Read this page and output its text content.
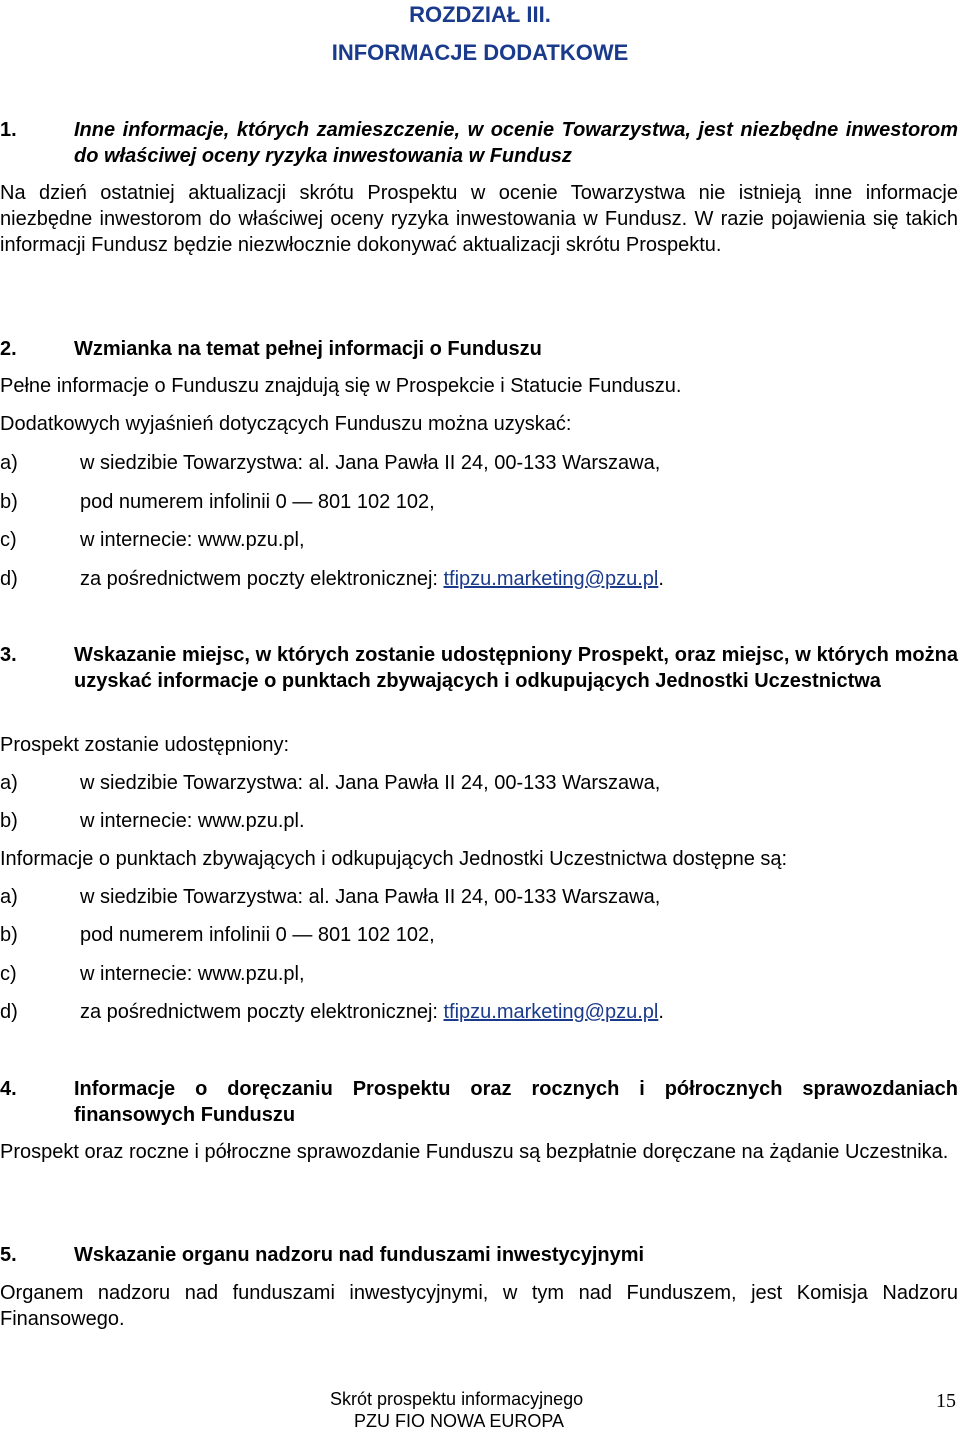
ROZDZIAŁ III.
INFORMACJE DODATKOWE
1.	Inne informacje, których zamieszczenie, w ocenie Towarzystwa, jest niezbędne inwestorom do właściwej oceny ryzyka inwestowania w Fundusz
Na dzień ostatniej aktualizacji skrótu Prospektu w ocenie Towarzystwa nie istnieją inne informacje niezbędne inwestorom do właściwej oceny ryzyka inwestowania w Fundusz. W razie pojawienia się takich informacji Fundusz będzie niezwłocznie dokonywać aktualizacji skrótu Prospektu.
2.	Wzmianka na temat pełnej informacji o Funduszu
Pełne informacje o Funduszu znajdują się w Prospekcie i Statucie Funduszu.
Dodatkowych wyjaśnień dotyczących Funduszu można uzyskać:
a)	w siedzibie Towarzystwa: al. Jana Pawła II 24, 00-133 Warszawa,
b)	pod numerem infolinii 0 — 801 102 102,
c)	w internecie: www.pzu.pl,
d)	za pośrednictwem poczty elektronicznej: tfipzu.marketing@pzu.pl.
3.	Wskazanie miejsc, w których zostanie udostępniony Prospekt, oraz miejsc, w których można uzyskać informacje o punktach zbywających i odkupujących Jednostki Uczestnictwa
Prospekt zostanie udostępniony:
a)	w siedzibie Towarzystwa: al. Jana Pawła II 24, 00-133 Warszawa,
b)	w internecie: www.pzu.pl.
Informacje o punktach zbywających i odkupujących Jednostki Uczestnictwa dostępne są:
a)	w siedzibie Towarzystwa: al. Jana Pawła II 24, 00-133 Warszawa,
b)	pod numerem infolinii 0 — 801 102 102,
c)	w internecie: www.pzu.pl,
d)	za pośrednictwem poczty elektronicznej: tfipzu.marketing@pzu.pl.
4.	Informacje o doręczaniu Prospektu oraz rocznych i półrocznych sprawozdaniach finansowych Funduszu
Prospekt oraz roczne i półroczne sprawozdanie Funduszu są bezpłatnie doręczane na żądanie Uczestnika.
5.	Wskazanie organu nadzoru nad funduszami inwestycyjnymi
Organem nadzoru nad funduszami inwestycyjnymi, w tym nad Funduszem, jest Komisja Nadzoru Finansowego.
Skrót prospektu informacyjnego
PZU FIO NOWA EUROPA
15
